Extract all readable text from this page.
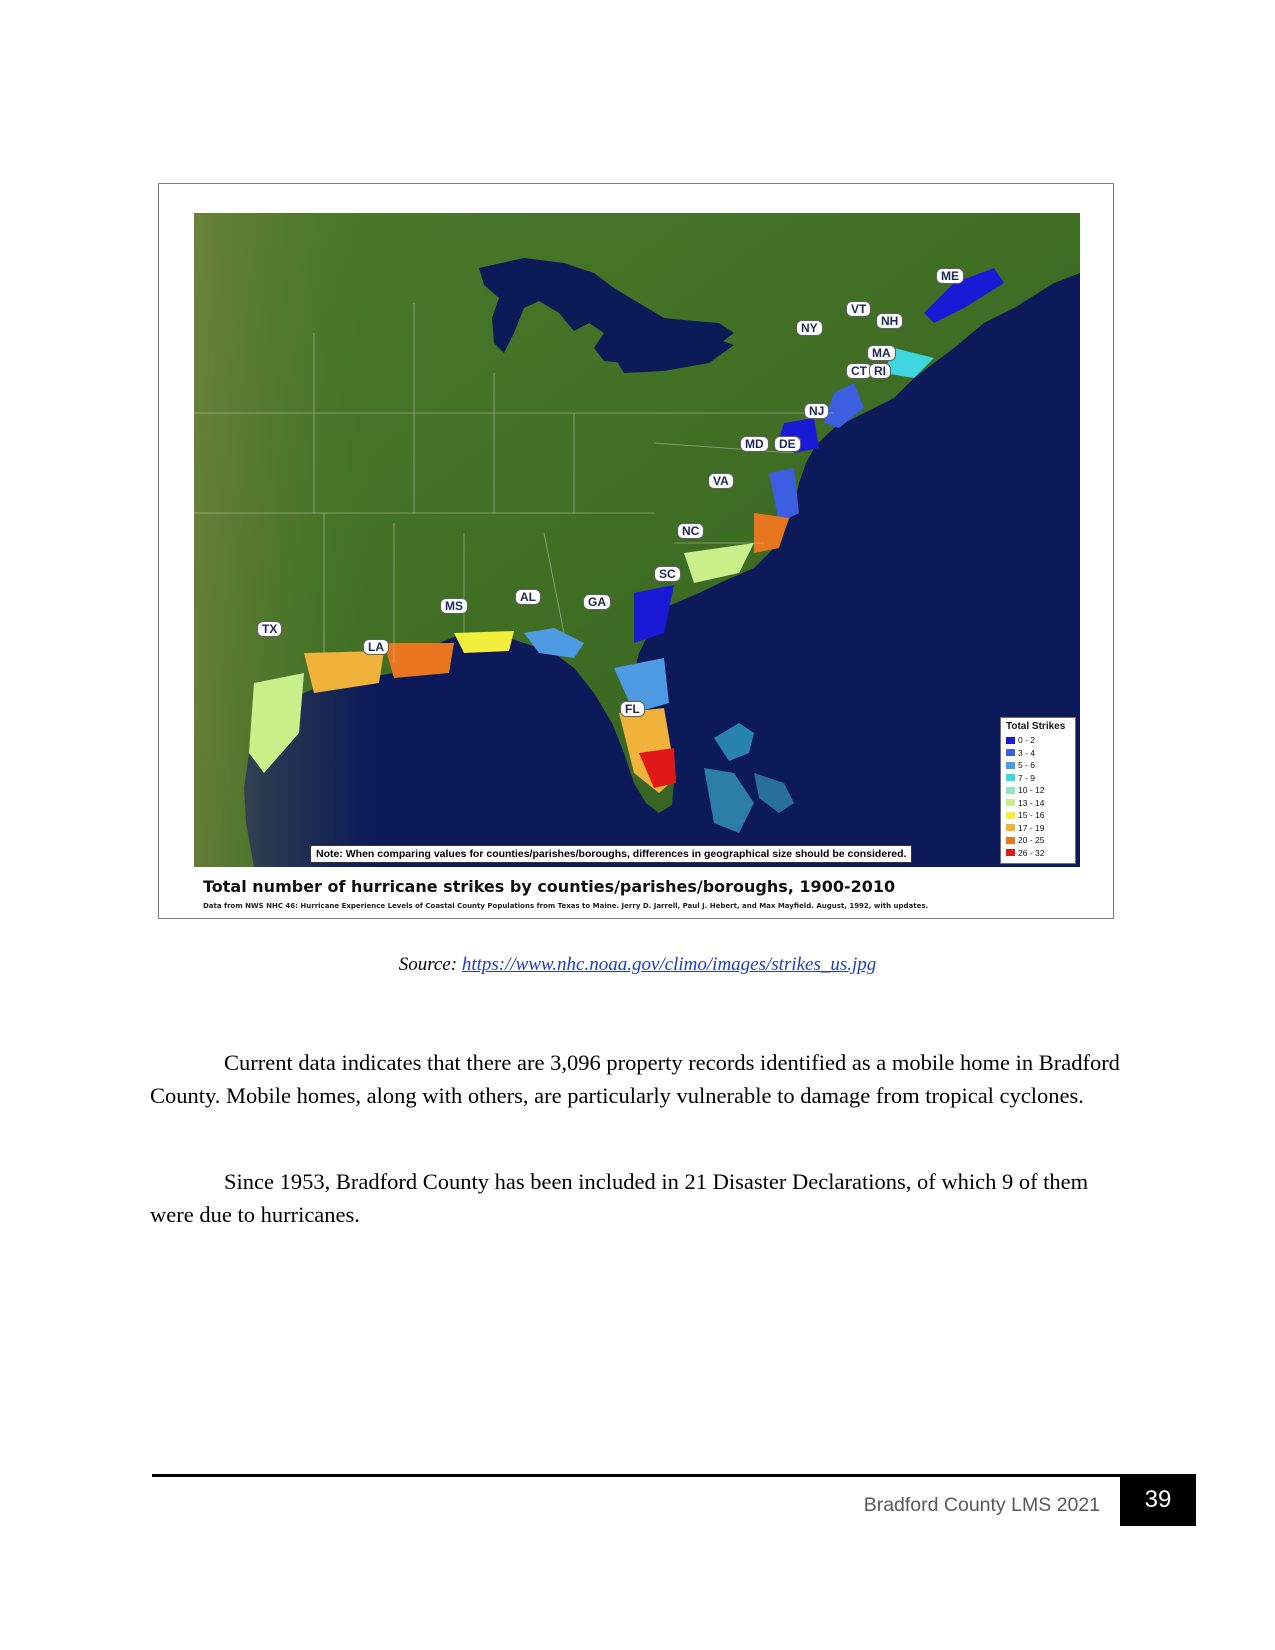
ME
VT
NH
NY
MA
CT RI
NJ
MD	DE
VA
NC
SC
GA
AL
MS
LA
TX
FL
Total Strikes
0 - 2
3 - 4
5 - 6
7 - 9
10 - 12
13 - 14
15 - 16
17 - 19
20 - 25
26 - 32
Note: When comparing values for counties/parishes/boroughs, differences in geographical size should be considered.
Total number of hurricane strikes by counties/parishes/boroughs, 1900-2010
Data from NWS NHC 46: Hurricane Experience Levels of Coastal County Populations from Texas to Maine. Jerry D. Jarrell, Paul J. Hebert, and Max Mayfield. August, 1992, with updates.
Source: https://www.nhc.noaa.gov/climo/images/strikes_us.jpg

Current data indicates that there are 3,096 property records identified as a mobile home in Bradford County. Mobile homes, along with others, are particularly vulnerable to damage from tropical cyclones.

Since 1953, Bradford County has been included in 21 Disaster Declarations, of which 9 of them were due to hurricanes.

Bradford County LMS 2021	39
